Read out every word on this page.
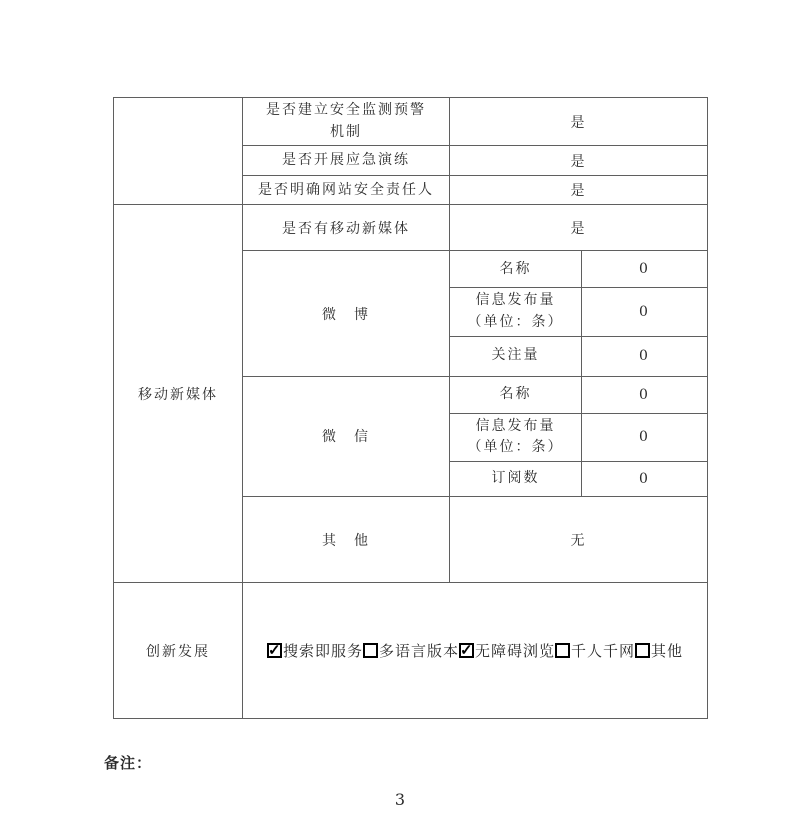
	是否建立安全监测预警
机制	是	

	是否开展应急演练	是	

	是否明确网站安全责任人	是	
移动新媒体	是否有移动新媒体	是	
	微　博	名称	0

		信息发布量
（单位：条）	0

		关注量	0
	微　信	名称	0

		信息发布量
（单位：条）	0

		订阅数	0
	其　他	无	
创新发展	✓搜索即服务 多语言版本 ✓ 无障碍浏览 千人千网 其他
备注：
3
